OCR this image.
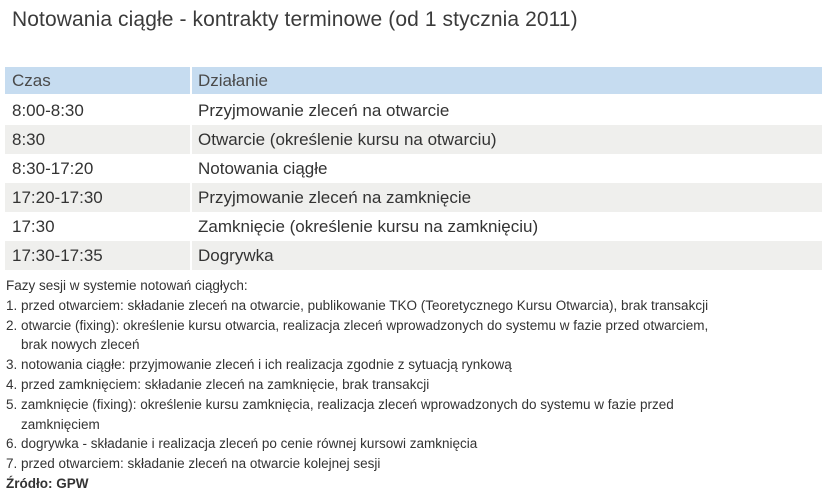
Notowania ciągłe - kontrakty terminowe (od 1 stycznia 2011)
Czas	Działanie
8:00-8:30	Przyjmowanie zleceń na otwarcie
8:30	Otwarcie (określenie kursu na otwarciu)
8:30-17:20	Notowania ciągłe
17:20-17:30	Przyjmowanie zleceń na zamknięcie
17:30	Zamknięcie (określenie kursu na zamknięciu)
17:30-17:35	Dogrywka
Fazy sesji w systemie notowań ciągłych:
1. przed otwarciem: składanie zleceń na otwarcie, publikowanie TKO (Teoretycznego Kursu Otwarcia), brak transakcji
2. otwarcie (fixing): określenie kursu otwarcia, realizacja zleceń wprowadzonych do systemu w fazie przed otwarciem,
brak nowych zleceń
3. notowania ciągłe: przyjmowanie zleceń i ich realizacja zgodnie z sytuacją rynkową
4. przed zamknięciem: składanie zleceń na zamknięcie, brak transakcji
5. zamknięcie (fixing): określenie kursu zamknięcia, realizacja zleceń wprowadzonych do systemu w fazie przed
zamknięciem
6. dogrywka - składanie i realizacja zleceń po cenie równej kursowi zamknięcia
7. przed otwarciem: składanie zleceń na otwarcie kolejnej sesji
Źródło: GPW
